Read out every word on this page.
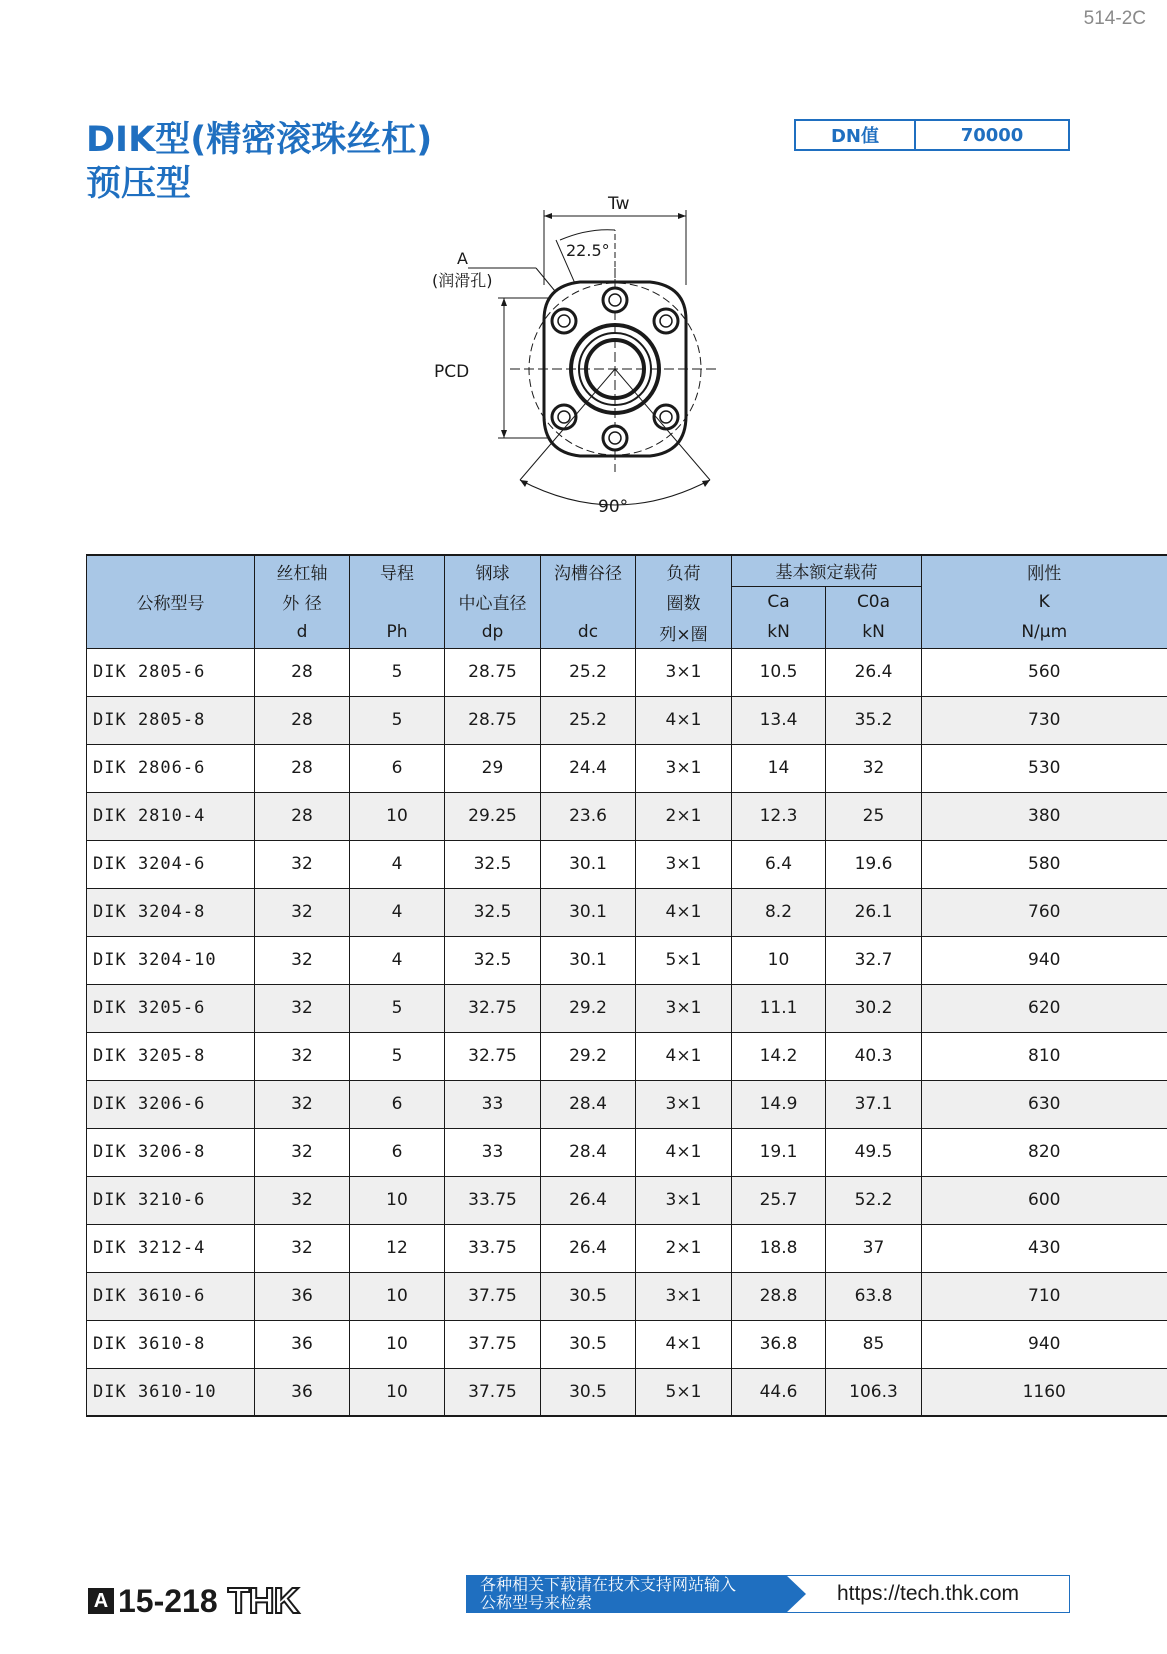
514-2C
DIK型(精密滚珠丝杠)
预压型
DN值	70000
Tw
22.5°
A
(润滑孔)
PCD
90°
公称型号	丝杠轴	导程	钢球	沟槽谷径	负荷	基本额定载荷		刚性
	外 径		中心直径		圈数	Ca	C0a	K
	d	Ph	dp	dc	列×圈	kN	kN	N/μm
DIK 2805-6	28	5	28.75	25.2	3×1	10.5	26.4	560
DIK 2805-8	28	5	28.75	25.2	4×1	13.4	35.2	730
DIK 2806-6	28	6	29	24.4	3×1	14	32	530
DIK 2810-4	28	10	29.25	23.6	2×1	12.3	25	380
DIK 3204-6	32	4	32.5	30.1	3×1	6.4	19.6	580
DIK 3204-8	32	4	32.5	30.1	4×1	8.2	26.1	760
DIK 3204-10	32	4	32.5	30.1	5×1	10	32.7	940
DIK 3205-6	32	5	32.75	29.2	3×1	11.1	30.2	620
DIK 3205-8	32	5	32.75	29.2	4×1	14.2	40.3	810
DIK 3206-6	32	6	33	28.4	3×1	14.9	37.1	630
DIK 3206-8	32	6	33	28.4	4×1	19.1	49.5	820
DIK 3210-6	32	10	33.75	26.4	3×1	25.7	52.2	600
DIK 3212-4	32	12	33.75	26.4	2×1	18.8	37	430
DIK 3610-6	36	10	37.75	30.5	3×1	28.8	63.8	710
DIK 3610-8	36	10	37.75	30.5	4×1	36.8	85	940
DIK 3610-10	36	10	37.75	30.5	5×1	44.6	106.3	1160
A 15-218 THK	各种相关下载请在技术支持网站输入
公称型号来检索	https://tech.thk.com
